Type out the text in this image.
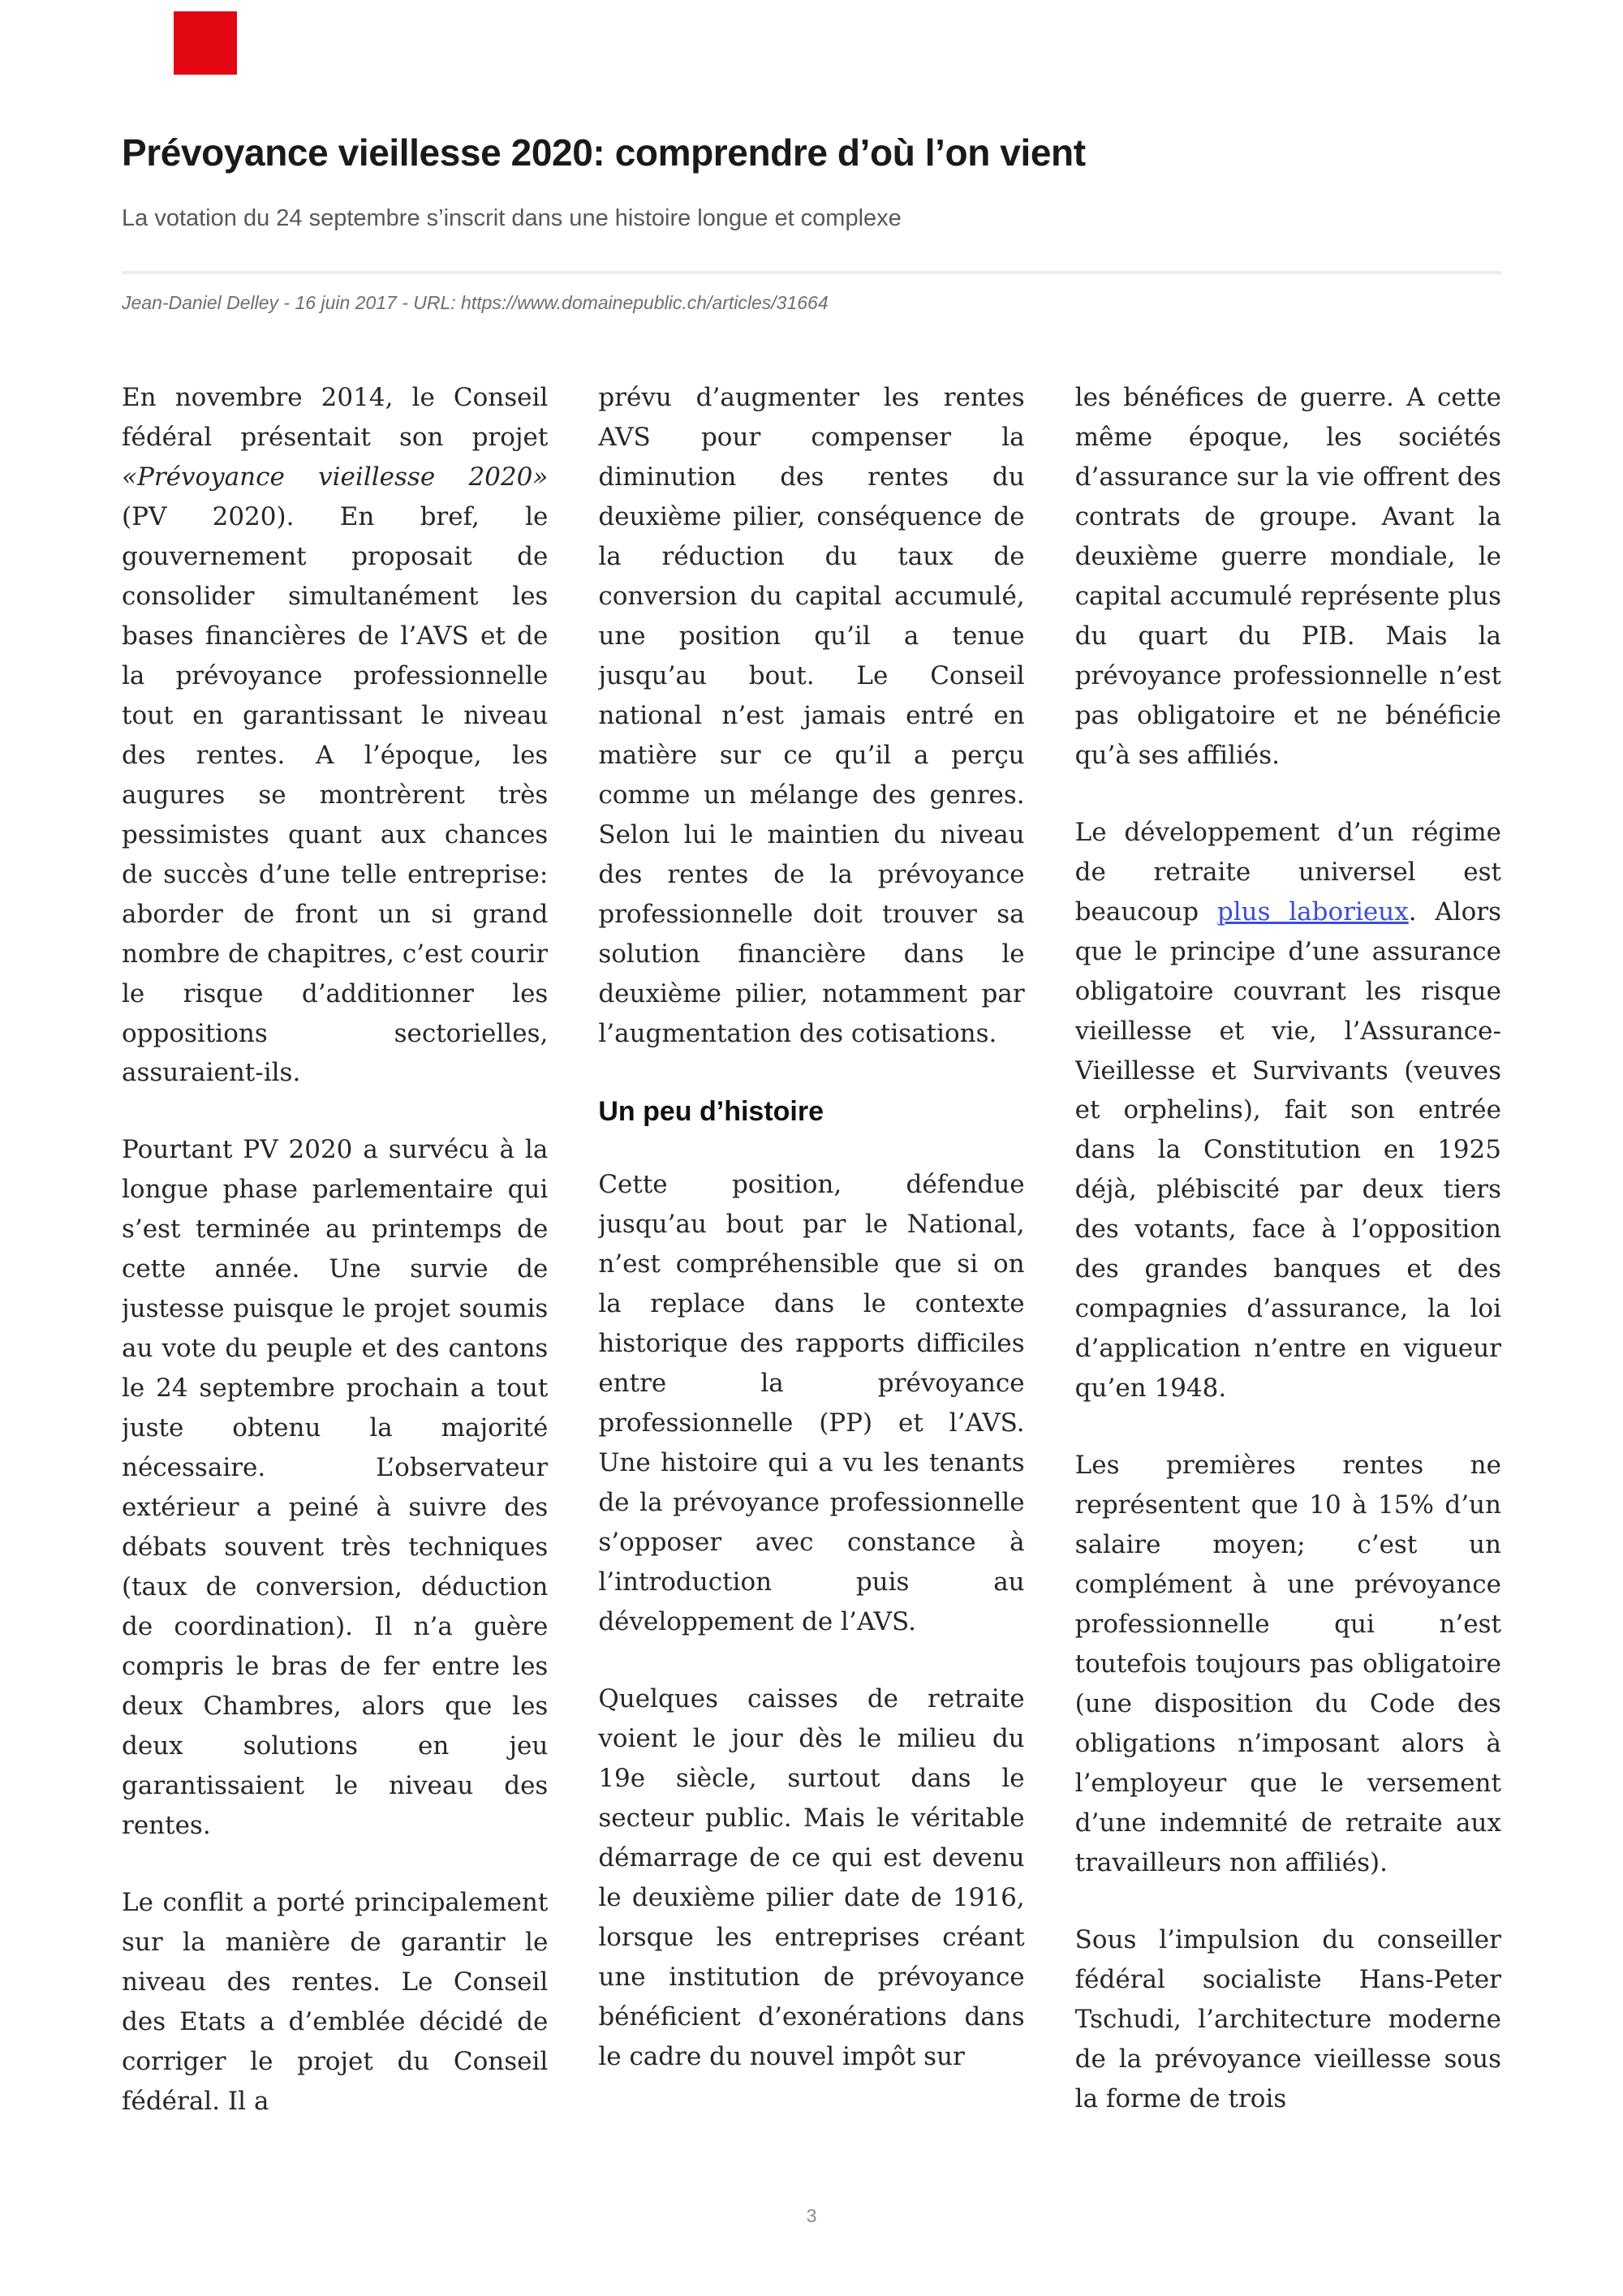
Prévoyance vieillesse 2020: comprendre d’où l’on vient
La votation du 24 septembre s’inscrit dans une histoire longue et complexe
Jean-Daniel Delley - 16 juin 2017 - URL: https://www.domainepublic.ch/articles/31664

En novembre 2014, le Conseil fédéral présentait son projet «Prévoyance vieillesse 2020» (PV 2020). En bref, le gouvernement proposait de consolider simultanément les bases financières de l’AVS et de la prévoyance professionnelle tout en garantissant le niveau des rentes. A l’époque, les augures se montrèrent très pessimistes quant aux chances de succès d’une telle entreprise: aborder de front un si grand nombre de chapitres, c’est courir le risque d’additionner les oppositions sectorielles, assuraient-ils.

Pourtant PV 2020 a survécu à la longue phase parlementaire qui s’est terminée au printemps de cette année. Une survie de justesse puisque le projet soumis au vote du peuple et des cantons le 24 septembre prochain a tout juste obtenu la majorité nécessaire. L’observateur extérieur a peiné à suivre des débats souvent très techniques (taux de conversion, déduction de coordination). Il n’a guère compris le bras de fer entre les deux Chambres, alors que les deux solutions en jeu garantissaient le niveau des rentes.

Le conflit a porté principalement sur la manière de garantir le niveau des rentes. Le Conseil des Etats a d’emblée décidé de corriger le projet du Conseil fédéral. Il a

prévu d’augmenter les rentes AVS pour compenser la diminution des rentes du deuxième pilier, conséquence de la réduction du taux de conversion du capital accumulé, une position qu’il a tenue jusqu’au bout. Le Conseil national n’est jamais entré en matière sur ce qu’il a perçu comme un mélange des genres. Selon lui le maintien du niveau des rentes de la prévoyance professionnelle doit trouver sa solution financière dans le deuxième pilier, notamment par l’augmentation des cotisations.

Un peu d’histoire

Cette position, défendue jusqu’au bout par le National, n’est compréhensible que si on la replace dans le contexte historique des rapports difficiles entre la prévoyance professionnelle (PP) et l’AVS. Une histoire qui a vu les tenants de la prévoyance professionnelle s’opposer avec constance à l’introduction puis au développement de l’AVS.

Quelques caisses de retraite voient le jour dès le milieu du 19e siècle, surtout dans le secteur public. Mais le véritable démarrage de ce qui est devenu le deuxième pilier date de 1916, lorsque les entreprises créant une institution de prévoyance bénéficient d’exonérations dans le cadre du nouvel impôt sur

les bénéfices de guerre. A cette même époque, les sociétés d’assurance sur la vie offrent des contrats de groupe. Avant la deuxième guerre mondiale, le capital accumulé représente plus du quart du PIB. Mais la prévoyance professionnelle n’est pas obligatoire et ne bénéficie qu’à ses affiliés.

Le développement d’un régime de retraite universel est beaucoup plus laborieux. Alors que le principe d’une assurance obligatoire couvrant les risque vieillesse et vie, l’Assurance-Vieillesse et Survivants (veuves et orphelins), fait son entrée dans la Constitution en 1925 déjà, plébiscité par deux tiers des votants, face à l’opposition des grandes banques et des compagnies d’assurance, la loi d’application n’entre en vigueur qu’en 1948.

Les premières rentes ne représentent que 10 à 15% d’un salaire moyen; c’est un complément à une prévoyance professionnelle qui n’est toutefois toujours pas obligatoire (une disposition du Code des obligations n’imposant alors à l’employeur que le versement d’une indemnité de retraite aux travailleurs non affiliés).

Sous l’impulsion du conseiller fédéral socialiste Hans-Peter Tschudi, l’architecture moderne de la prévoyance vieillesse sous la forme de trois

3
